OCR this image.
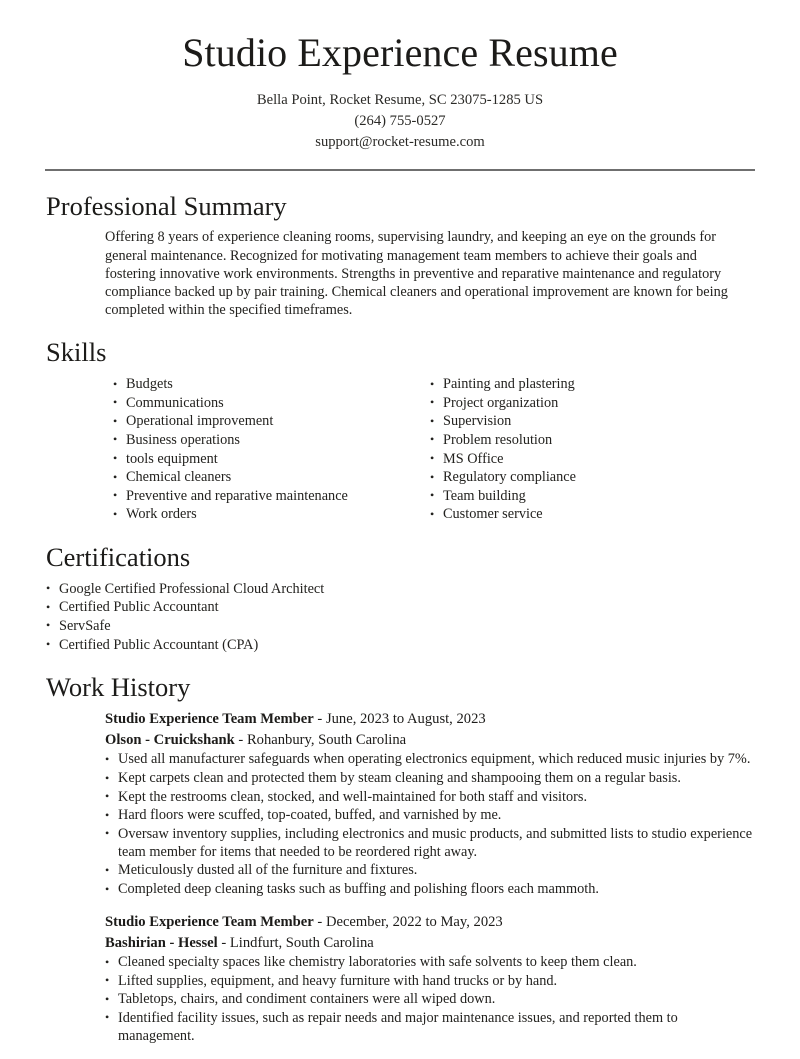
Studio Experience Resume

Bella Point, Rocket Resume, SC 23075-1285 US

(264) 755-0527

support@rocket-resume.com

Professional Summary

Offering 8 years of experience cleaning rooms, supervising laundry, and keeping an eye on the grounds for general maintenance. Recognized for motivating management team members to achieve their goals and fostering innovative work environments. Strengths in preventive and reparative maintenance and regulatory compliance backed up by pair training. Chemical cleaners and operational improvement are known for being completed within the specified timeframes.

Skills
• Budgets
• Communications
• Operational improvement
• Business operations
• tools equipment
• Chemical cleaners
• Preventive and reparative maintenance
• Work orders
• Painting and plastering
• Project organization
• Supervision
• Problem resolution
• MS Office
• Regulatory compliance
• Team building
• Customer service
Certifications
• Google Certified Professional Cloud Architect
• Certified Public Accountant
• ServSafe
• Certified Public Accountant (CPA)
Work History
Studio Experience Team Member - June, 2023 to August, 2023
Olson - Cruickshank - Rohanbury, South Carolina
• Used all manufacturer safeguards when operating electronics equipment, which reduced music injuries by 7%.
• Kept carpets clean and protected them by steam cleaning and shampooing them on a regular basis.
• Kept the restrooms clean, stocked, and well-maintained for both staff and visitors.
• Hard floors were scuffed, top-coated, buffed, and varnished by me.
• Oversaw inventory supplies, including electronics and music products, and submitted lists to studio experience team member for items that needed to be reordered right away.
• Meticulously dusted all of the furniture and fixtures.
• Completed deep cleaning tasks such as buffing and polishing floors each mammoth.
Studio Experience Team Member - December, 2022 to May, 2023
Bashirian - Hessel - Lindfurt, South Carolina
• Cleaned specialty spaces like chemistry laboratories with safe solvents to keep them clean.
• Lifted supplies, equipment, and heavy furniture with hand trucks or by hand.
• Tabletops, chairs, and condiment containers were all wiped down.
• Identified facility issues, such as repair needs and major maintenance issues, and reported them to management.
